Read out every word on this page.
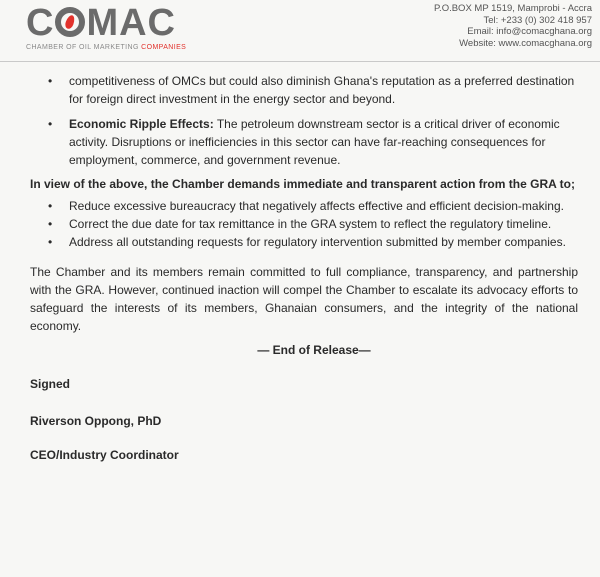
C MAC
CHAMBER OF OIL MARKETING COMPANIES
P.O.BOX MP 1519, Mamprobi - Accra
Tel: +233 (0) 302 418 957
Email: info@comacghana.org
Website: www.comacghana.org
• competitiveness of OMCs but could also diminish Ghana's reputation as a preferred destination for foreign direct investment in the energy sector and beyond.
• Economic Ripple Effects: The petroleum downstream sector is a critical driver of economic activity. Disruptions or inefficiencies in this sector can have far-reaching consequences for employment, commerce, and government revenue.
In view of the above, the Chamber demands immediate and transparent action from the GRA to;
• Reduce excessive bureaucracy that negatively affects effective and efficient decision-making.
• Correct the due date for tax remittance in the GRA system to reflect the regulatory timeline.
• Address all outstanding requests for regulatory intervention submitted by member companies.
The Chamber and its members remain committed to full compliance, transparency, and partnership with the GRA. However, continued inaction will compel the Chamber to escalate its advocacy efforts to safeguard the interests of its members, Ghanaian consumers, and the integrity of the national economy.
— End of Release—
Signed
Riverson Oppong, PhD
CEO/Industry Coordinator
